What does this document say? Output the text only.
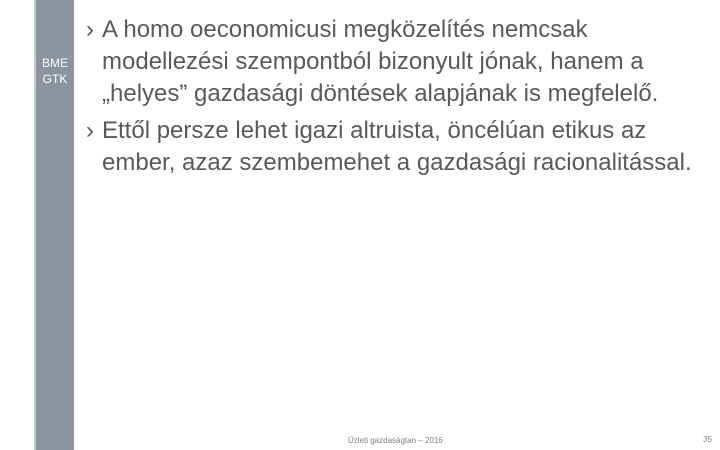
BME
GTK
› A homo oeconomicusi megközelítés nemcsak modellezési szempontból bizonyult jónak, hanem a „helyes” gazdasági döntések alapjának is megfelelő.
› Ettől persze lehet igazi altruista, öncélúan etikus az ember, azaz szembemehet a gazdasági racionalitással.
Üzleti gazdaságtan – 2016	35
